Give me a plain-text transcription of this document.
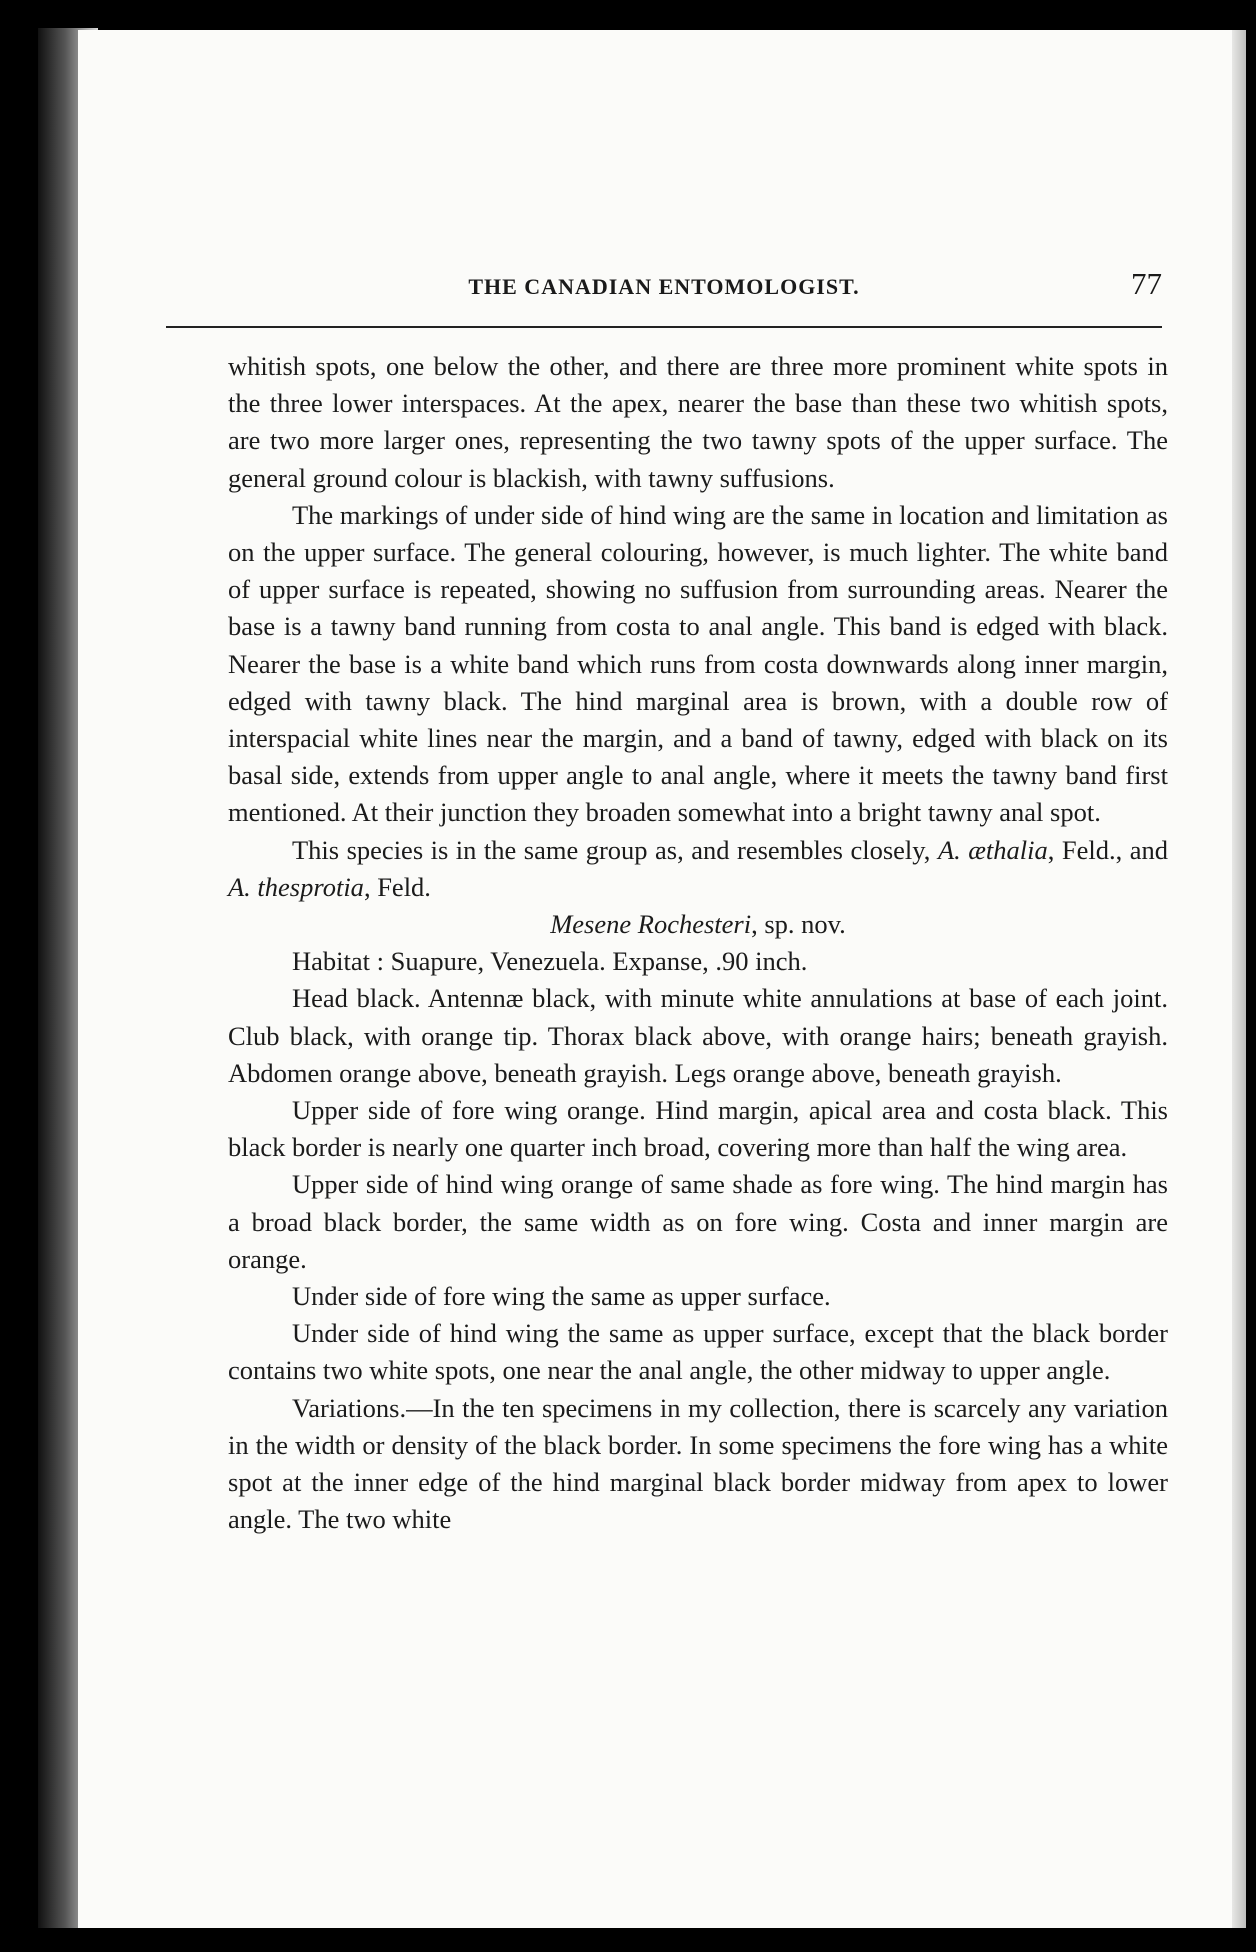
THE CANADIAN ENTOMOLOGIST.	77

whitish spots, one below the other, and there are three more prominent white spots in the three lower interspaces. At the apex, nearer the base than these two whitish spots, are two more larger ones, representing the two tawny spots of the upper surface. The general ground colour is blackish, with tawny suffusions.

The markings of under side of hind wing are the same in location and limitation as on the upper surface. The general colouring, however, is much lighter. The white band of upper surface is repeated, showing no suffusion from surrounding areas. Nearer the base is a tawny band running from costa to anal angle. This band is edged with black. Nearer the base is a white band which runs from costa downwards along inner margin, edged with tawny black. The hind marginal area is brown, with a double row of interspacial white lines near the margin, and a band of tawny, edged with black on its basal side, extends from upper angle to anal angle, where it meets the tawny band first mentioned. At their junction they broaden somewhat into a bright tawny anal spot.

This species is in the same group as, and resembles closely, A. æthalia, Feld., and A. thesprotia, Feld.

Mesene Rochesteri, sp. nov.

Habitat : Suapure, Venezuela. Expanse, .90 inch.

Head black. Antennæ black, with minute white annulations at base of each joint. Club black, with orange tip. Thorax black above, with orange hairs; beneath grayish. Abdomen orange above, beneath grayish. Legs orange above, beneath grayish.

Upper side of fore wing orange. Hind margin, apical area and costa black. This black border is nearly one quarter inch broad, covering more than half the wing area.

Upper side of hind wing orange of same shade as fore wing. The hind margin has a broad black border, the same width as on fore wing. Costa and inner margin are orange.

Under side of fore wing the same as upper surface.

Under side of hind wing the same as upper surface, except that the black border contains two white spots, one near the anal angle, the other midway to upper angle.

Variations.—In the ten specimens in my collection, there is scarcely any variation in the width or density of the black border. In some specimens the fore wing has a white spot at the inner edge of the hind marginal black border midway from apex to lower angle. The two white
